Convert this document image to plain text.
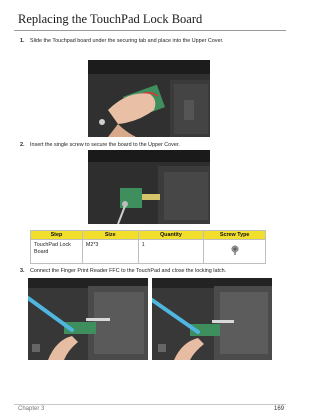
Replacing the TouchPad Lock Board
1. Slide the Touchpad board under the securing tab and place into the Upper Cover.
2. Insert the single screw to secure the board to the Upper Cover.
Step	Size	Quantity	Screw Type
TouchPad Lock Board	M2*3	1	
3. Connect the Finger Print Reader FFC to the TouchPad and close the locking latch.
Chapter 3	169
